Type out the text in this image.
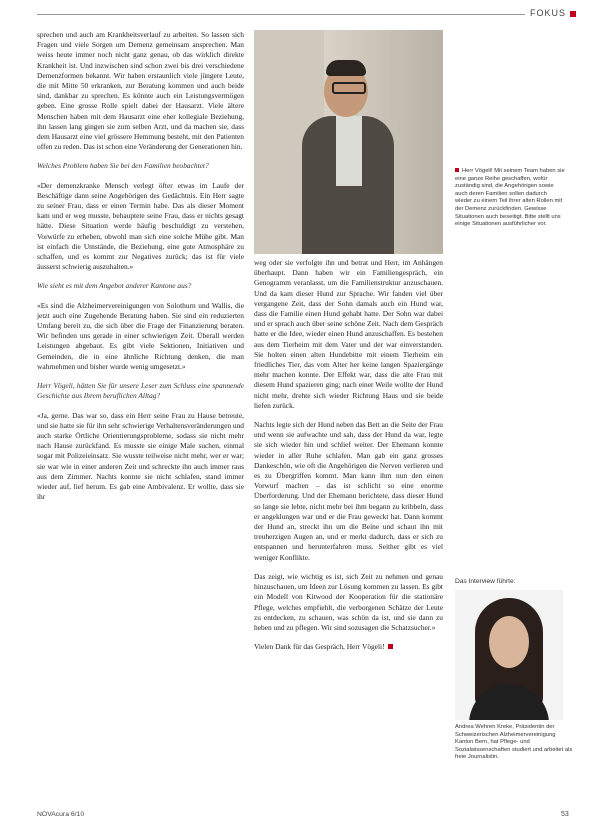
FOKUS

sprechen und auch am Krankheitsverlauf zu arbeiten. So lassen sich Fragen und viele Sorgen um Demenz gemeinsam ansprechen. Man weiss heute immer noch nicht ganz genau, ob das wirklich direkte Krankheit ist. Und inzwischen sind schon zwei bis drei verschiedene Demenzformen bekannt. Wir haben erstaunlich viele jüngere Leute, die mit Mitte 50 erkranken, zur Beratung kommen und auch beide sind, dankbar zu sprechen. Es könnte auch ein Leistungsvermögen geben. Eine grosse Rolle spielt dabei der Hausarzt. Viele ältere Menschen haben mit dem Hausarzt eine eher kollegiale Beziehung, ihn lassen lang gingen sie zum selben Arzt, und da machen sie, dass dem Hausarzt eine viel grössere Hemmung besteht, mit den Patienten offen zu reden. Das ist schon eine Veränderung der Generationen hin.

Welches Problem haben Sie bei den Familien beobachtet?

«Der demenzkranke Mensch verlegt öfter etwas im Laufe der Beschäftige dann seine Angehörigen des Gedächtnis. Ein Herr sagte zu seiner Frau, dass er einen Termin habe. Das als dieser Moment kam und er weg musste, behauptete seine Frau, dass er nichts gesagt hätte. Diese Situation werde häufig beschuldigt zu verstehen, Vorwürfe zu erheben, obwohl man sich eine solche Mühe gibt. Man ist einfach die Umstände, die Beziehung, eine gute Atmosphäre zu schaffen, und es kommt zur Negatives zurück; das ist für viele äusserst schwierig auszuhalten.»

Wie sieht es mit dem Angebot anderer Kantone aus?

«Es sind die Alzheimervereinigungen von Solothurn und Wallis, die jetzt auch eine Zugehende Beratung haben. Sie sind ein reduzierten Umfang bereit zu, die sich über die Frage der Finanzierung beraten. Wir befinden uns gerade in einer schwierigen Zeit. Überall werden Leistungen abgebaut. Es gibt viele Sektionen, Initiativen und Gemeinden, die in eine ähnliche Richtung denken, die man wahrnehmen und bisher wurde wenig umgesetzt.»

Herr Vögeli, hätten Sie für unsere Leser zum Schluss eine spannende Geschichte aus Ihrem beruflichen Alltag?

«Ja, gerne. Das war so, dass ein Herr seine Frau zu Hause betreute, und sie hatte sie für ihn sehr schwierige Verhaltensveränderungen und auch starke Örtliche Orientierungsprobleme, sodass sie nicht mehr nach Hause zurückfand. Es musste sie einige Male suchen, einmal sogar mit Polizeieinsatz. Sie wusste teilweise nicht mehr, wer er war; sie war wie in einer anderen Zeit und schreckte ihn auch immer raus aus dem Zimmer. Nachts konnte sie nicht schlafen, stand immer wieder auf, lief herum. Es gab eine Ambivalenz. Er wollte, dass sie ihr

weg oder sie verfolgte ihn und betrat und Herr, im Anhängen überhaupt. Dann haben wir ein Familiengespräch, ein Genogramm veranlasst, um die Familienstruktur anzuschauen. Und da kam dieser Hund zur Sprache. Wir fanden viel über vergangene Zeit, dass der Sohn damals auch ein Hund war, dass die Familie einen Hund gehabt hatte. Der Sohn war dabei und er sprach auch über seine schöne Zeit. Nach dem Gespräch hatte er die Idee, wieder einen Hund anzuschaffen. Es bestehen aus dem Tierheim mit dem Vater und der war einverstanden. Sie holten einen alten Hundebitte mit einem Tierheim ein friedliches Tier, das vom Alter her keine langen Spaziergänge mehr machen konnte. Der Effekt war, dass die alte Frau mit diesem Hund spazieren ging; nach einer Weile wollte der Hund nicht mehr, drehte sich wieder Richtung Haus und sie beide liefen zurück.

Nachts legte sich der Hund neben das Bett an die Seite der Frau und wenn sie aufwachte und sah, dass der Hund da war, legte sie sich wieder hin und schlief weiter. Der Ehemann konnte wieder in aller Ruhe schlafen. Man gab ein ganz grosses Dankeschön, wie oft die Angehörigen die Nerven verlieren und es zu Übergriffen kommt. Man kann ihm nun den einen Vorwurf machen – das ist schlicht so eine enorme Überforderung. Und der Ehemann berichtete, dass dieser Hund so lange sie lebte, nicht mehr bei ihm begann zu kribbeln, dass er angeklungen war und er die Frau geweckt hat. Dann kommt der Hund an, streckt ihn um die Beine und schaut ihn mit treuherzigen Augen an, und er merkt dadurch, dass er sich zu entspannen und herunterfahren muss. Seither gibt es viel weniger Konflikte.

Das zeigt, wie wichtig es ist, sich Zeit zu nehmen und genau hinzuschauen, um Ideen zur Lösung kommen zu lassen. Es gibt ein Modell von Kitwood der Kooperation für die stationäre Pflege, welches empfiehlt, die verborgenen Schätze der Leute zu entdecken, zu schauen, was schön da ist, und sie dann zu heben und zu pflegen. Wir sind sozusagen die Schatzsucher.»

Vielen Dank für das Gespräch, Herr Vögeli!

Herr Vögeli! Mit seinem Team haben sie eine ganze Reihe geschaffen, wofür zuständig sind, die Angehörigen sowie auch deren Familien sollen dadurch wieder zu einem Teil ihrer alten Rollen mit der Demenz zurückfinden. Gewisse Situationen auch beseitigt. Bitte stellt uns einige Situationen ausführlicher vor.
Das Interview führte:
Andrea Wehren Kreke, Präsidentin der Schweizerischen Alzheimervereinigung Kanton Bern, hat Pflege- und Sozialwissenschaften studiert und arbeitet als freie Journalistin.
NOVAcura 6/10	53
